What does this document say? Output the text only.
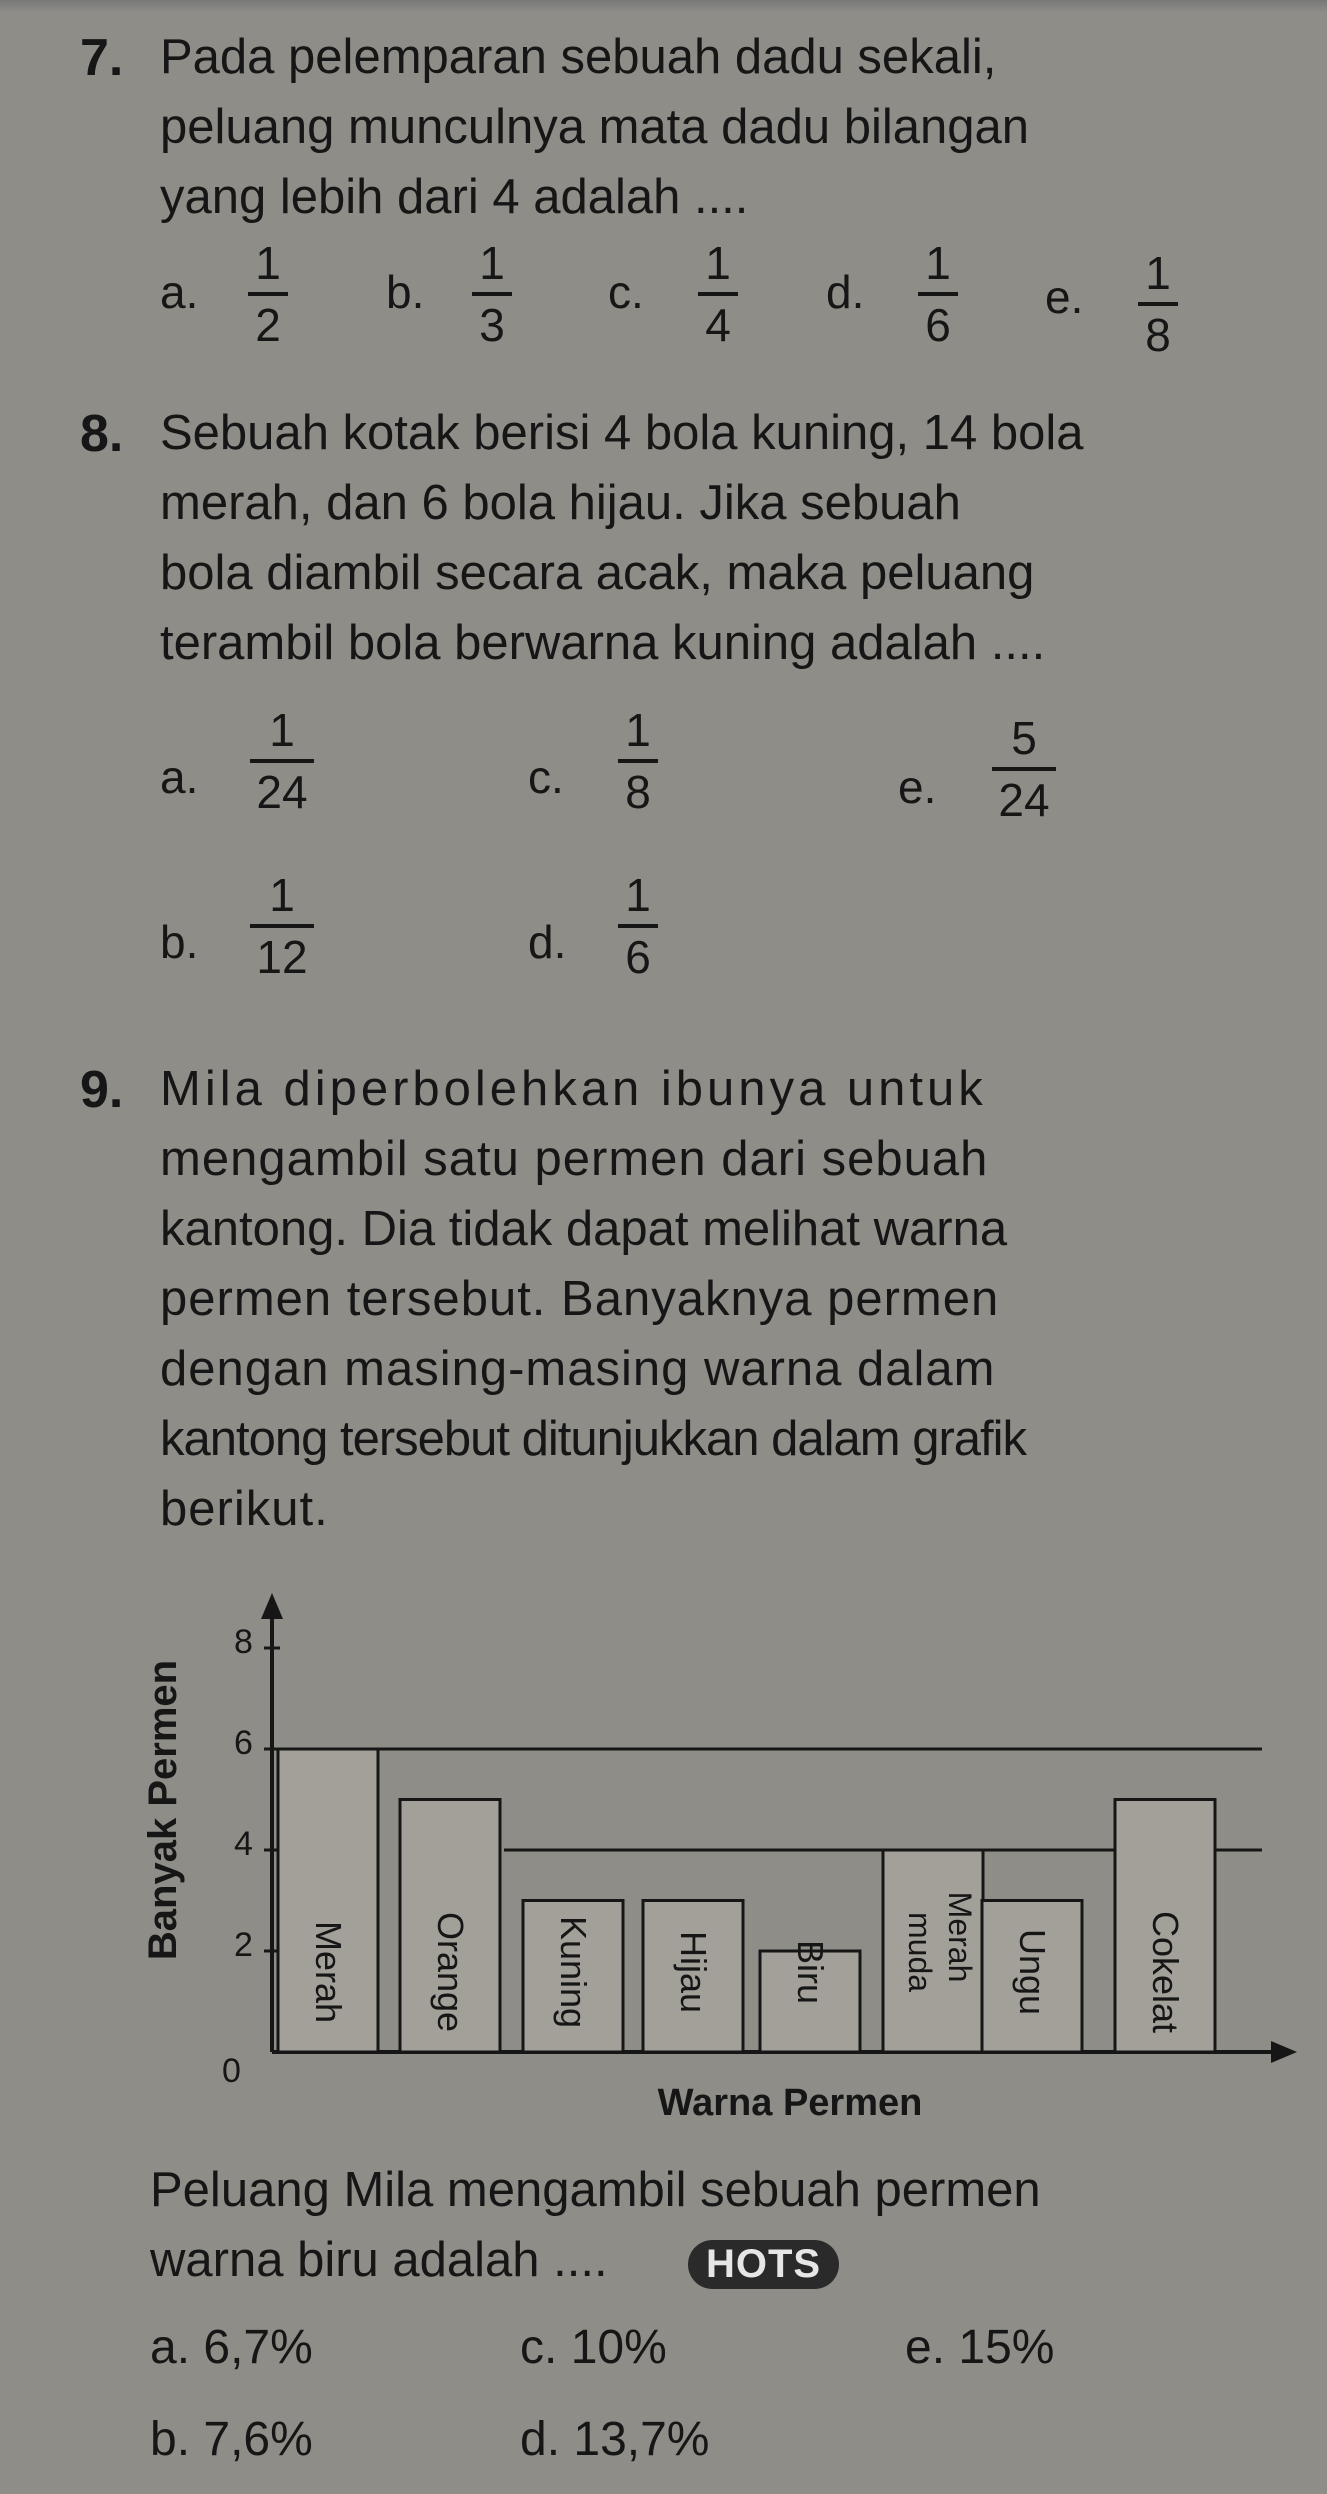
7. Pada pelemparan sebuah dadu sekali,
peluang munculnya mata dadu bilangan
yang lebih dari 4 adalah ....
a.
1
2
b.
1
3
c.
1
4
d.
1
6
e. 1
8
8. Sebuah kotak berisi 4 bola kuning, 14 bola
merah, dan 6 bola hijau. Jika sebuah
bola diambil secara acak, maka peluang
terambil bola berwarna kuning adalah ....
a.
1
24	c.
1
8	e.
5
24
b.
1
12	d.
1
6
9. Mila diperbolehkan ibunya untuk
mengambil satu permen dari sebuah
kantong. Dia tidak dapat melihat warna
permen tersebut. Banyaknya permen
dengan masing-masing warna dalam
kantong tersebut ditunjukkan dalam grafik
berikut.
0
2
4
6
8
Banyak Permen
Warna Permen
Merah Orange Kuning Hijau Biru	Merah
muda Ungu	Cokelat
Peluang Mila mengambil sebuah permen
warna biru adalah ....	HOTS
a. 6,7%	c. 10%	e. 15%
b. 7,6%	d. 13,7%
